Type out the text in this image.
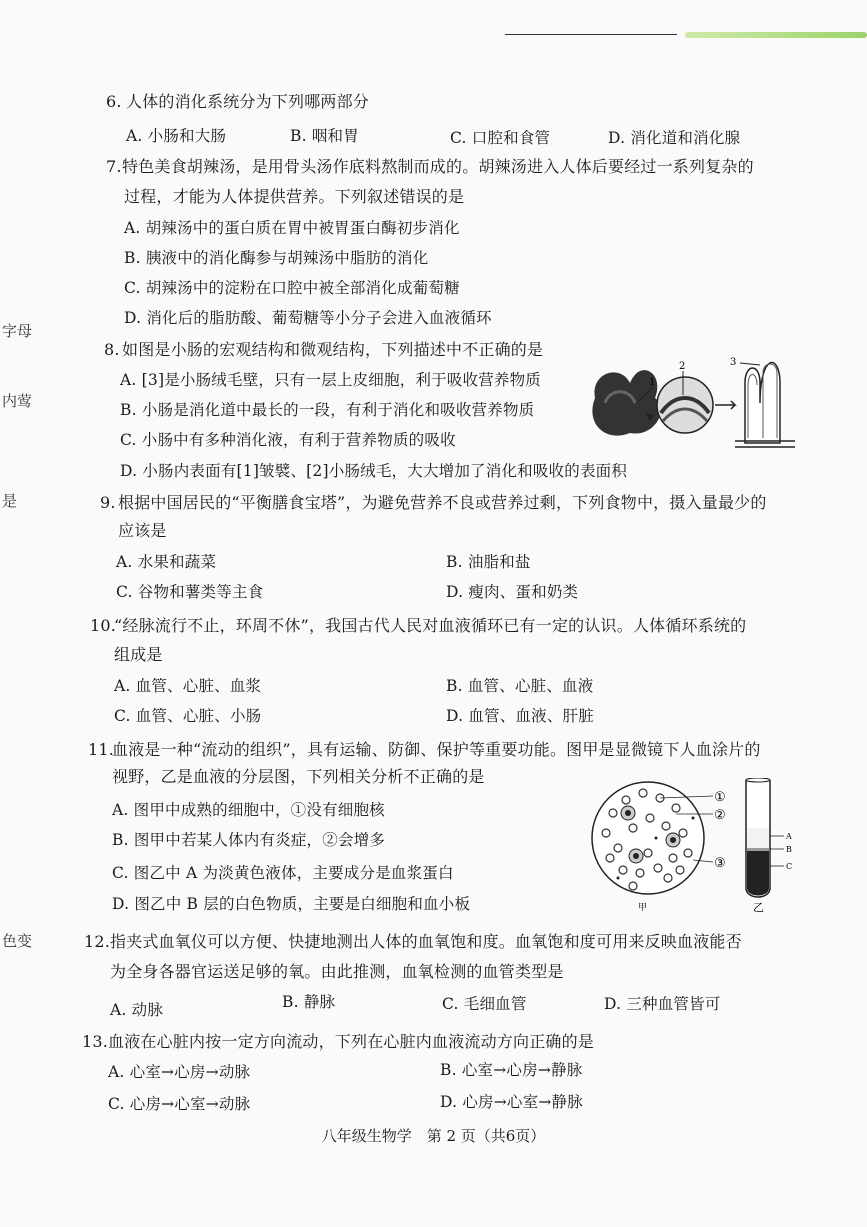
字母
内莺
是
色变
6. 人体的消化系统分为下列哪两部分
A. 小肠和大肠	B. 咽和胃	C. 口腔和食管	D. 消化道和消化腺
7. 特色美食胡辣汤，是用骨头汤作底料熬制而成的。胡辣汤进入人体后要经过一系列复杂的
过程，才能为人体提供营养。下列叙述错误的是
A. 胡辣汤中的蛋白质在胃中被胃蛋白酶初步消化
B. 胰液中的消化酶参与胡辣汤中脂肪的消化
C. 胡辣汤中的淀粉在口腔中被全部消化成葡萄糖
D. 消化后的脂肪酸、葡萄糖等小分子会进入血液循环
8. 如图是小肠的宏观结构和微观结构，下列描述中不正确的是
A. [3]是小肠绒毛壁，只有一层上皮细胞，利于吸收营养物质
B. 小肠是消化道中最长的一段，有利于消化和吸收营养物质
C. 小肠中有多种消化液，有利于营养物质的吸收
D. 小肠内表面有[1]皱襞、[2]小肠绒毛，大大增加了消化和吸收的表面积
1
2	3
9. 根据中国居民的“平衡膳食宝塔”，为避免营养不良或营养过剩，下列食物中，摄入量最少的
应该是
A. 水果和蔬菜	B. 油脂和盐
C. 谷物和薯类等主食	D. 瘦肉、蛋和奶类
10.
“经脉流行不止，环周不休”，我国古代人民对血液循环已有一定的认识。人体循环系统的
组成是
A. 血管、心脏、血浆	B. 血管、心脏、血液
C. 血管、心脏、小肠	D. 血管、血液、肝脏
11.
血液是一种“流动的组织”，具有运输、防御、保护等重要功能。图甲是显微镜下人血涂片的
视野，乙是血液的分层图，下列相关分析不正确的是
A. 图甲中成熟的细胞中，①没有细胞核
B. 图甲中若某人体内有炎症，②会增多
C. 图乙中 A 为淡黄色液体，主要成分是血浆蛋白
D. 图乙中 B 层的白色物质，主要是白细胞和血小板
①
②
③
甲
A
B
C
乙
12. 指夹式血氧仪可以方便、快捷地测出人体的血氧饱和度。血氧饱和度可用来反映血液能否
为全身各器官运送足够的氧。由此推测，血氧检测的血管类型是
A. 动脉	B. 静脉	C. 毛细血管	D. 三种血管皆可
13. 血液在心脏内按一定方向流动，下列在心脏内血液流动方向正确的是
A. 心室→心房→动脉	B. 心室→心房→静脉
C. 心房→心室→动脉	D. 心房→心室→静脉
八年级生物学　第 2 页（共6页）
